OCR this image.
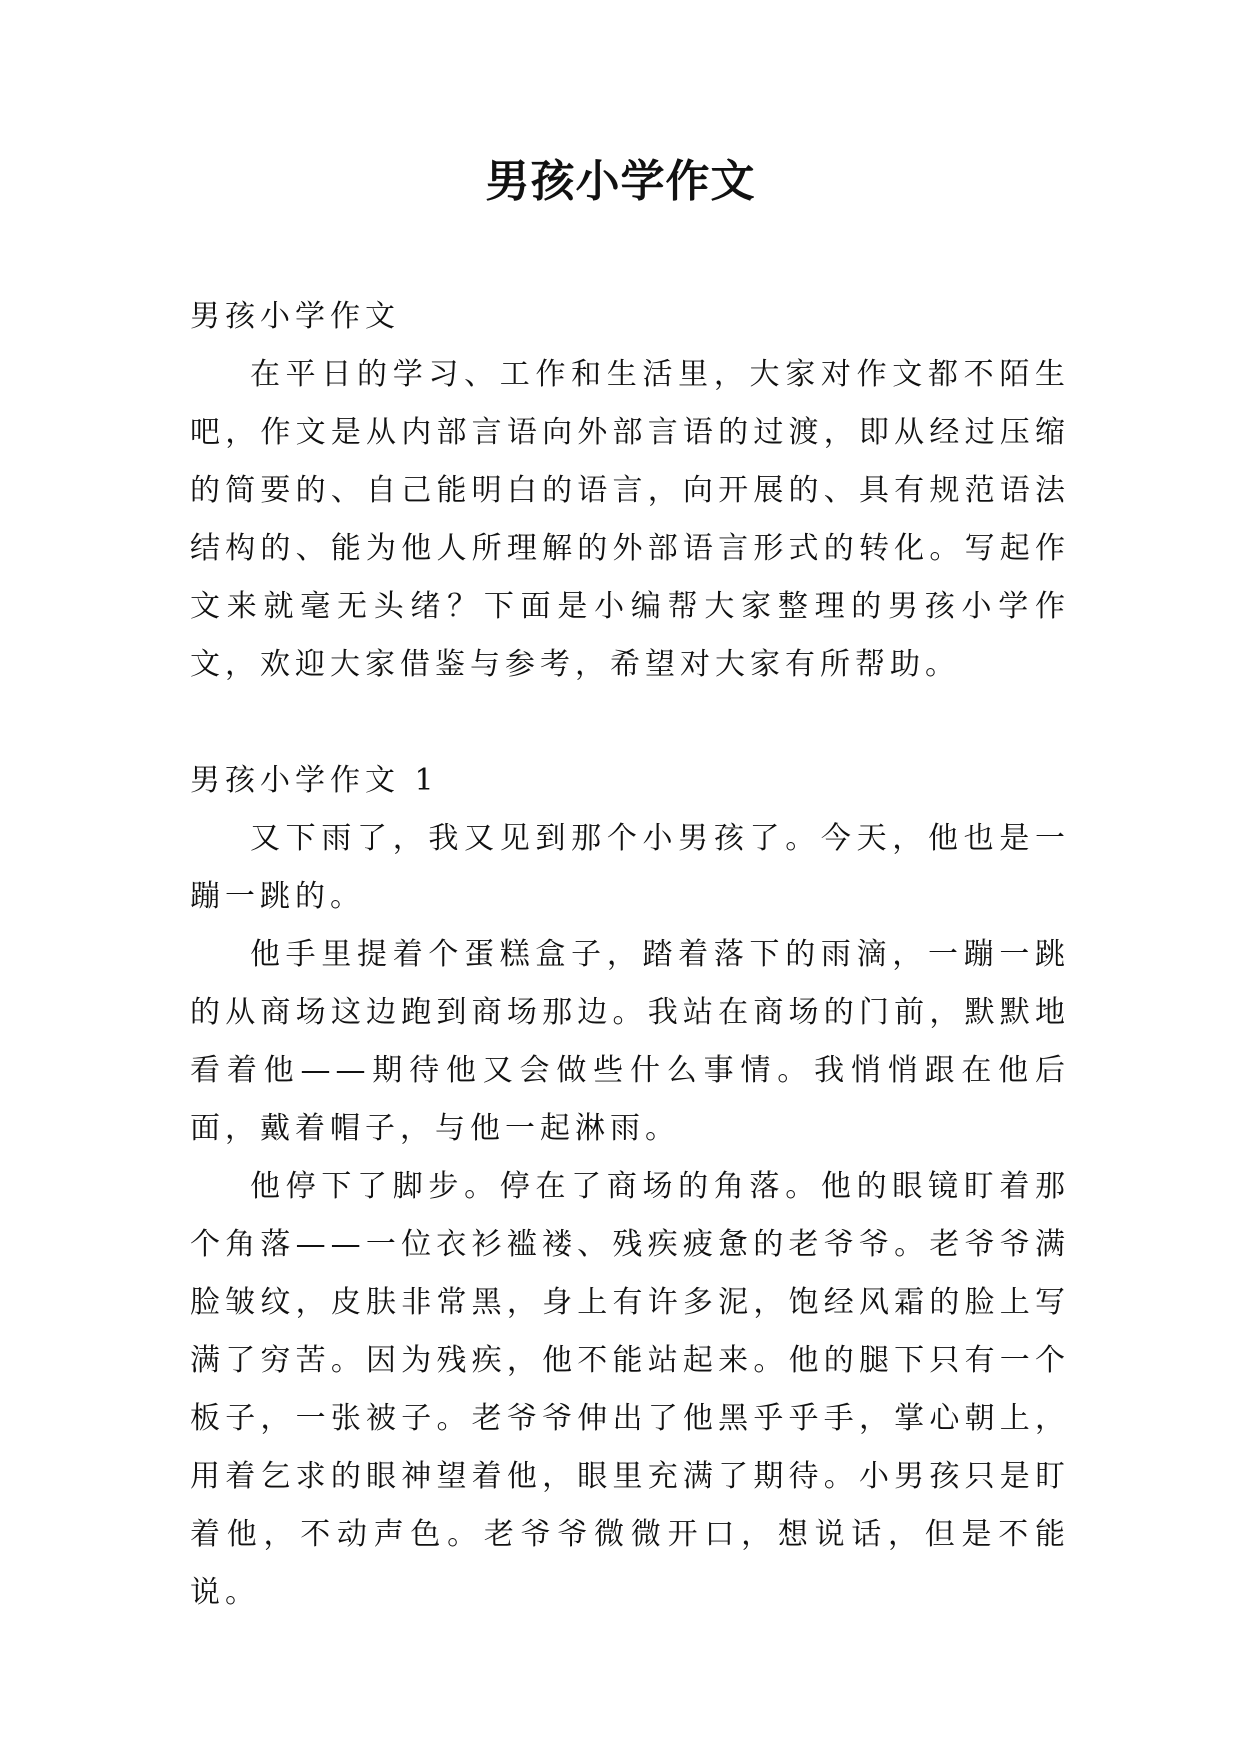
男孩小学作文

男孩小学作文

在平日的学习、工作和生活里，大家对作文都不陌生吧，作文是从内部言语向外部言语的过渡，即从经过压缩的简要的、自己能明白的语言，向开展的、具有规范语法结构的、能为他人所理解的外部语言形式的转化。写起作文来就毫无头绪？下面是小编帮大家整理的男孩小学作文，欢迎大家借鉴与参考，希望对大家有所帮助。

男孩小学作文 1

又下雨了，我又见到那个小男孩了。今天，他也是一蹦一跳的。

他手里提着个蛋糕盒子，踏着落下的雨滴，一蹦一跳的从商场这边跑到商场那边。我站在商场的门前，默默地看着他——期待他又会做些什么事情。我悄悄跟在他后面，戴着帽子，与他一起淋雨。

他停下了脚步。停在了商场的角落。他的眼镜盯着那个角落——一位衣衫褴褛、残疾疲惫的老爷爷。老爷爷满脸皱纹，皮肤非常黑，身上有许多泥，饱经风霜的脸上写满了穷苦。因为残疾，他不能站起来。他的腿下只有一个板子，一张被子。老爷爷伸出了他黑乎乎手，掌心朝上，用着乞求的眼神望着他，眼里充满了期待。小男孩只是盯着他，不动声色。老爷爷微微开口，想说话，但是不能说。
